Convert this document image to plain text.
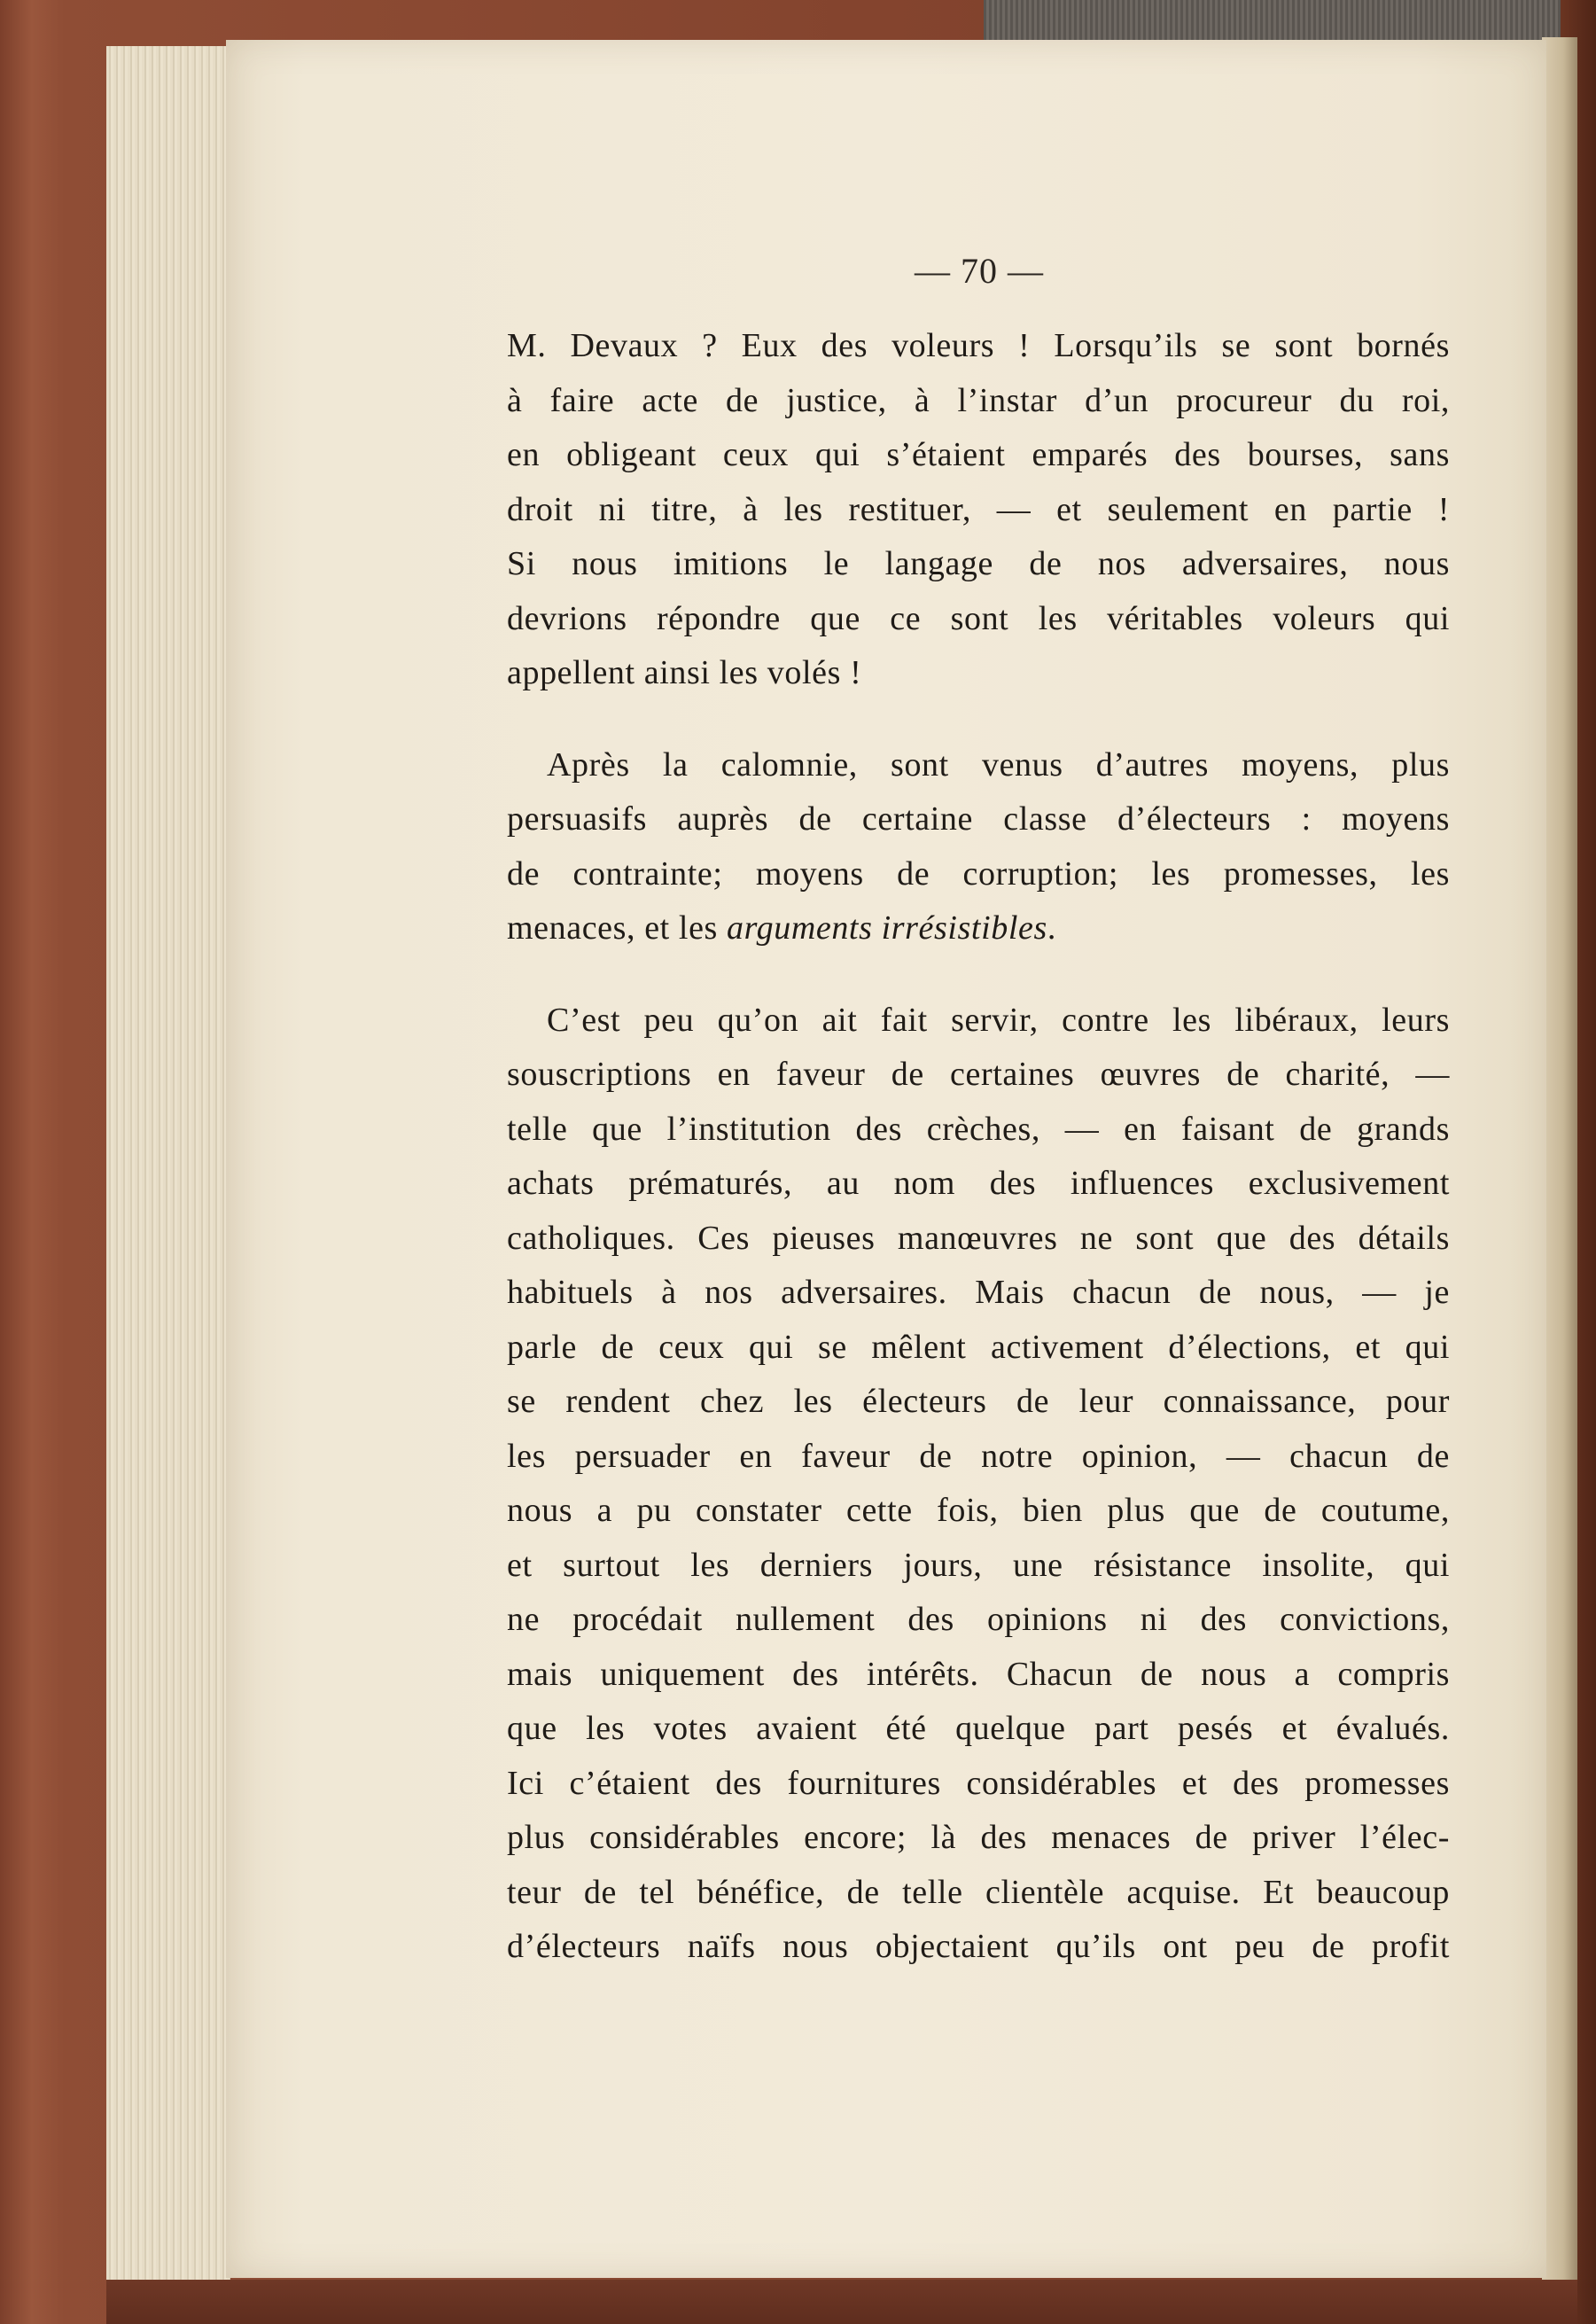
— 70 —
M. Devaux ? Eux des voleurs ! Lorsqu’ils se sont bornés
à faire acte de justice, à l’instar d’un procureur du roi,
en obligeant ceux qui s’étaient emparés des bourses, sans
droit ni titre, à les restituer, — et seulement en partie !
Si nous imitions le langage de nos adversaires, nous
devrions répondre que ce sont les véritables voleurs qui
appellent ainsi les volés !
Après la calomnie, sont venus d’autres moyens, plus
persuasifs auprès de certaine classe d’électeurs : moyens
de contrainte; moyens de corruption; les promesses, les
menaces, et les arguments irrésistibles.
C’est peu qu’on ait fait servir, contre les libéraux, leurs
souscriptions en faveur de certaines œuvres de charité, —
telle que l’institution des crèches, — en faisant de grands
achats prématurés, au nom des influences exclusivement
catholiques. Ces pieuses manœuvres ne sont que des détails
habituels à nos adversaires. Mais chacun de nous, — je
parle de ceux qui se mêlent activement d’élections, et qui
se rendent chez les électeurs de leur connaissance, pour
les persuader en faveur de notre opinion, — chacun de
nous a pu constater cette fois, bien plus que de coutume,
et surtout les derniers jours, une résistance insolite, qui
ne procédait nullement des opinions ni des convictions,
mais uniquement des intérêts. Chacun de nous a compris
que les votes avaient été quelque part pesés et évalués.
Ici c’étaient des fournitures considérables et des promesses
plus considérables encore; là des menaces de priver l’élec-
teur de tel bénéfice, de telle clientèle acquise. Et beaucoup
d’électeurs naïfs nous objectaient qu’ils ont peu de profit
